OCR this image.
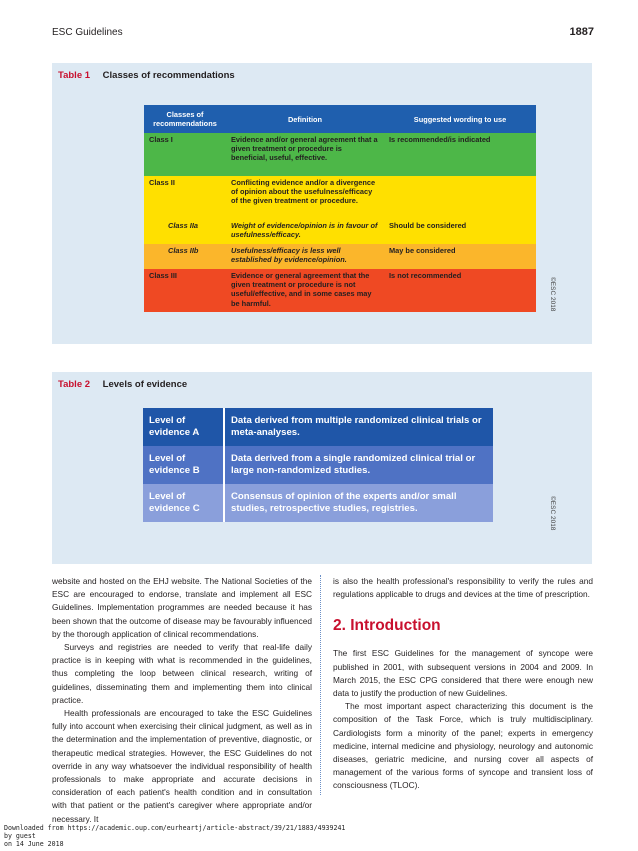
ESC Guidelines	1887
Table 1 Classes of recommendations
Classes of recommendations	Definition	Suggested wording to use
Class I	Evidence and/or general agreement that a given treatment or procedure is beneficial, useful, effective.	Is recommended/is indicated
Class II	Conflicting evidence and/or a divergence of opinion about the usefulness/efficacy of the given treatment or procedure.	
Class IIa	Weight of evidence/opinion is in favour of usefulness/efficacy.	Should be considered
Class IIb	Usefulness/efficacy is less well established by evidence/opinion.	May be considered
Class III	Evidence or general agreement that the given treatment or procedure is not useful/effective, and in some cases may be harmful.	Is not recommended
©ESC 2018
Table 2 Levels of evidence
Level of evidence A	Data derived from multiple randomized clinical trials or meta-analyses.
Level of evidence B	Data derived from a single randomized clinical trial or large non-randomized studies.
Level of evidence C	Consensus of opinion of the experts and/or small studies, retrospective studies, registries.	©ESC 2018

website and hosted on the EHJ website. The National Societies of the ESC are encouraged to endorse, translate and implement all ESC Guidelines. Implementation programmes are needed because it has been shown that the outcome of disease may be favourably influenced by the thorough application of clinical recommendations.

Surveys and registries are needed to verify that real-life daily practice is in keeping with what is recommended in the guidelines, thus completing the loop between clinical research, writing of guidelines, disseminating them and implementing them into clinical practice.

Health professionals are encouraged to take the ESC Guidelines fully into account when exercising their clinical judgment, as well as in the determination and the implementation of preventive, diagnostic, or therapeutic medical strategies. However, the ESC Guidelines do not override in any way whatsoever the individual responsibility of health professionals to make appropriate and accurate decisions in consideration of each patient's health condition and in consultation with that patient or the patient's caregiver where appropriate and/or necessary. It

is also the health professional's responsibility to verify the rules and regulations applicable to drugs and devices at the time of prescription.

2. Introduction

The first ESC Guidelines for the management of syncope were published in 2001, with subsequent versions in 2004 and 2009. In March 2015, the ESC CPG considered that there were enough new data to justify the production of new Guidelines.

The most important aspect characterizing this document is the composition of the Task Force, which is truly multidisciplinary. Cardiologists form a minority of the panel; experts in emergency medicine, internal medicine and physiology, neurology and autonomic diseases, geriatric medicine, and nursing cover all aspects of management of the various forms of syncope and transient loss of consciousness (TLOC).

Downloaded from https://academic.oup.com/eurheartj/article-abstract/39/21/1883/4939241
by guest
on 14 June 2018
